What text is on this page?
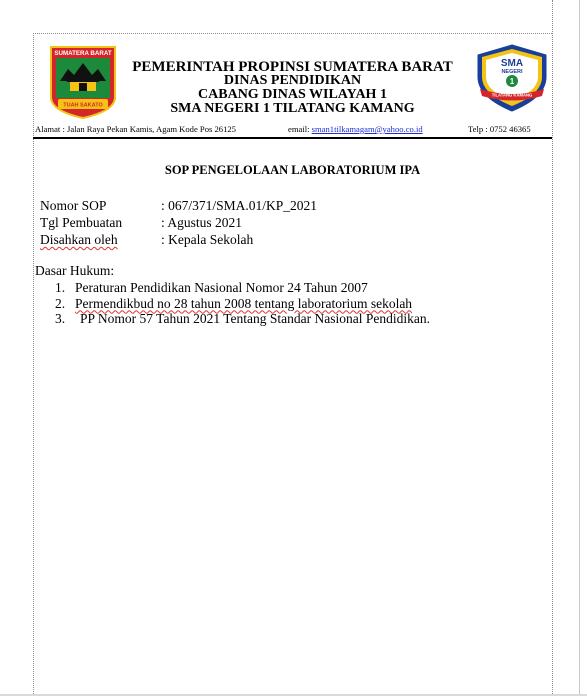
SUMATERA BARAT
TUAH SAKATO
SMA
NEGERI
1
TILATANG KAMANG
PEMERINTAH PROPINSI SUMATERA BARAT
DINAS PENDIDIKAN
CABANG DINAS WILAYAH 1
SMA NEGERI 1 TILATANG KAMANG
Alamat : Jalan Raya Pekan Kamis, Agam Kode Pos 26125	email: sman1tilkamagam@yahoo.co.id	Telp : 0752 46365
SOP PENGELOLAAN LABORATORIUM IPA
Nomor SOP	: 067/371/SMA.01/KP_2021
Tgl Pembuatan	: Agustus 2021
Disahkan oleh	: Kepala Sekolah
Dasar Hukum:
1. Peraturan Pendidikan Nasional Nomor 24 Tahun 2007
2. Permendikbud no 28 tahun 2008 tentang laboratorium sekolah
3. PP Nomor 57 Tahun 2021 Tentang Standar Nasional Pendidikan.
